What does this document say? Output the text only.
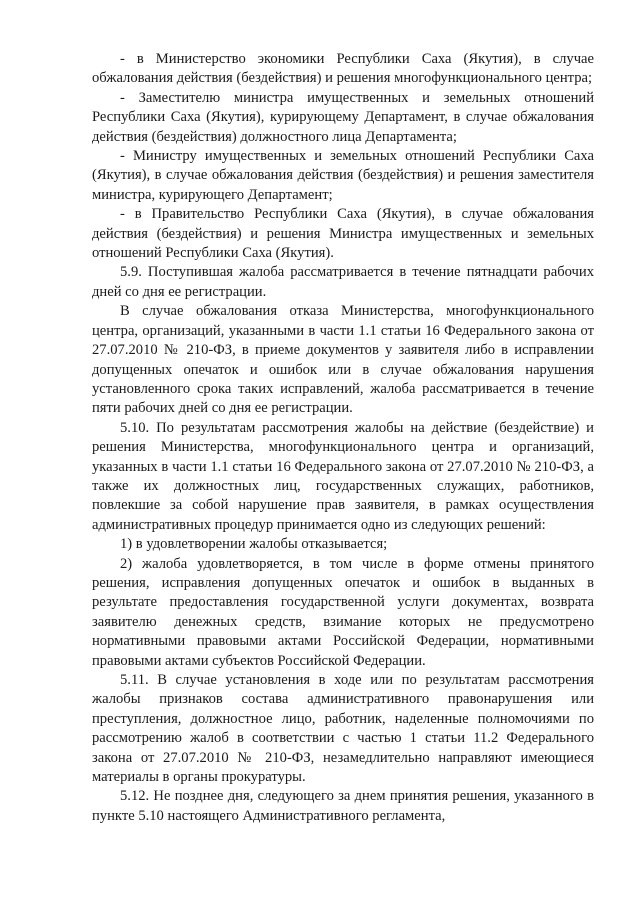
- в Министерство экономики Республики Саха (Якутия), в случае обжалования действия (бездействия) и решения многофункционального центра;

- Заместителю министра имущественных и земельных отношений Республики Саха (Якутия), курирующему Департамент, в случае обжалования действия (бездействия) должностного лица Департамента;

- Министру имущественных и земельных отношений Республики Саха (Якутия), в случае обжалования действия (бездействия) и решения заместителя министра, курирующего Департамент;

- в Правительство Республики Саха (Якутия), в случае обжалования действия (бездействия) и решения Министра имущественных и земельных отношений Республики Саха (Якутия).

5.9. Поступившая жалоба рассматривается в течение пятнадцати рабочих дней со дня ее регистрации.

В случае обжалования отказа Министерства, многофункционального центра, организаций, указанными в части 1.1 статьи 16 Федерального закона от 27.07.2010 № 210-ФЗ, в приеме документов у заявителя либо в исправлении допущенных опечаток и ошибок или в случае обжалования нарушения установленного срока таких исправлений, жалоба рассматривается в течение пяти рабочих дней со дня ее регистрации.

5.10. По результатам рассмотрения жалобы на действие (бездействие) и решения Министерства, многофункционального центра и организаций, указанных в части 1.1 статьи 16 Федерального закона от 27.07.2010 № 210-ФЗ, а также их должностных лиц, государственных служащих, работников, повлекшие за собой нарушение прав заявителя, в рамках осуществления административных процедур принимается одно из следующих решений:

1) в удовлетворении жалобы отказывается;

2) жалоба удовлетворяется, в том числе в форме отмены принятого решения, исправления допущенных опечаток и ошибок в выданных в результате предоставления государственной услуги документах, возврата заявителю денежных средств, взимание которых не предусмотрено нормативными правовыми актами Российской Федерации, нормативными правовыми актами субъектов Российской Федерации.

5.11. В случае установления в ходе или по результатам рассмотрения жалобы признаков состава административного правонарушения или преступления, должностное лицо, работник, наделенные полномочиями по рассмотрению жалоб в соответствии с частью 1 статьи 11.2 Федерального закона от 27.07.2010 № 210-ФЗ, незамедлительно направляют имеющиеся материалы в органы прокуратуры.

5.12. Не позднее дня, следующего за днем принятия решения, указанного в пункте 5.10 настоящего Административного регламента,
